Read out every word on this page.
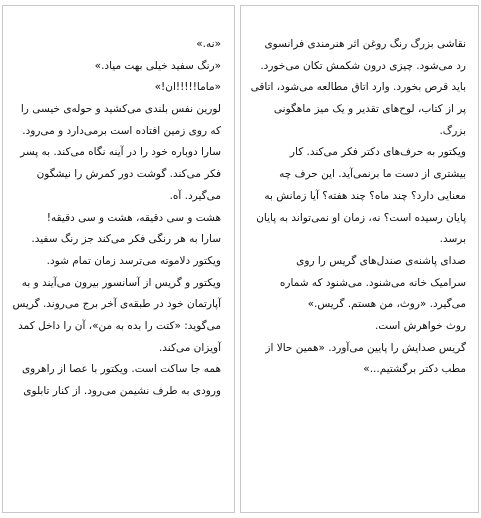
«نه.»
«رنگ سفید خیلی بهت میاد.»
«ماما!!!!!ان!»
لورین نفس بلندی می‌کشید و حوله‌ی خیسی را
که روی زمین افتاده است برمی‌دارد و می‌رود.
سارا دوباره خود را در آینه نگاه می‌کند. به پسر
فکر می‌کند. گوشت دور کمرش را نیشگون
می‌گیرد. آه.
هشت و سی دقیقه، هشت و سی دقیقه!
سارا به هر رنگی فکر می‌کند جز رنگ سفید.
ویکتور دلاموته می‌ترسد زمان تمام شود.
ویکتور و گریس از آسانسور بیرون می‌آیند و به
آپارتمان خود در طبقه‌ی آخر برج می‌روند. گریس
می‌گوید: «کتت را بده به من»، آن را داخل کمد
آویزان می‌کند.
همه جا ساکت است. ویکتور با عصا از راهروی
ورودی به طرف نشیمن می‌رود. از کنار تابلوی
نقاشی بزرگ رنگ روغن اثر هنرمندی فرانسوی
رد می‌شود. چیزی درون شکمش تکان می‌خورد.
باید قرص بخورد. وارد اتاق مطالعه می‌شود، اتاقی
پر از کتاب، لوح‌های تقدیر و یک میز ماهگونی
بزرگ.
ویکتور به حرف‌های دکتر فکر می‌کند. کار
بیشتری از دست ما برنمی‌آید. این حرف چه
معنایی دارد؟ چند ماه؟ چند هفته؟ آیا زمانش به
پایان رسیده است؟ نه، زمان او نمی‌تواند به پایان
برسد.
صدای پاشنه‌ی صندل‌های گریس را روی
سرامیک خانه می‌شنود. می‌شنود که شماره
می‌گیرد. «روث، من هستم. گریس.»
روث خواهرش است.
گریس صدایش را پایین می‌آورد. «همین حالا از
مطب دکتر برگشتیم...»
